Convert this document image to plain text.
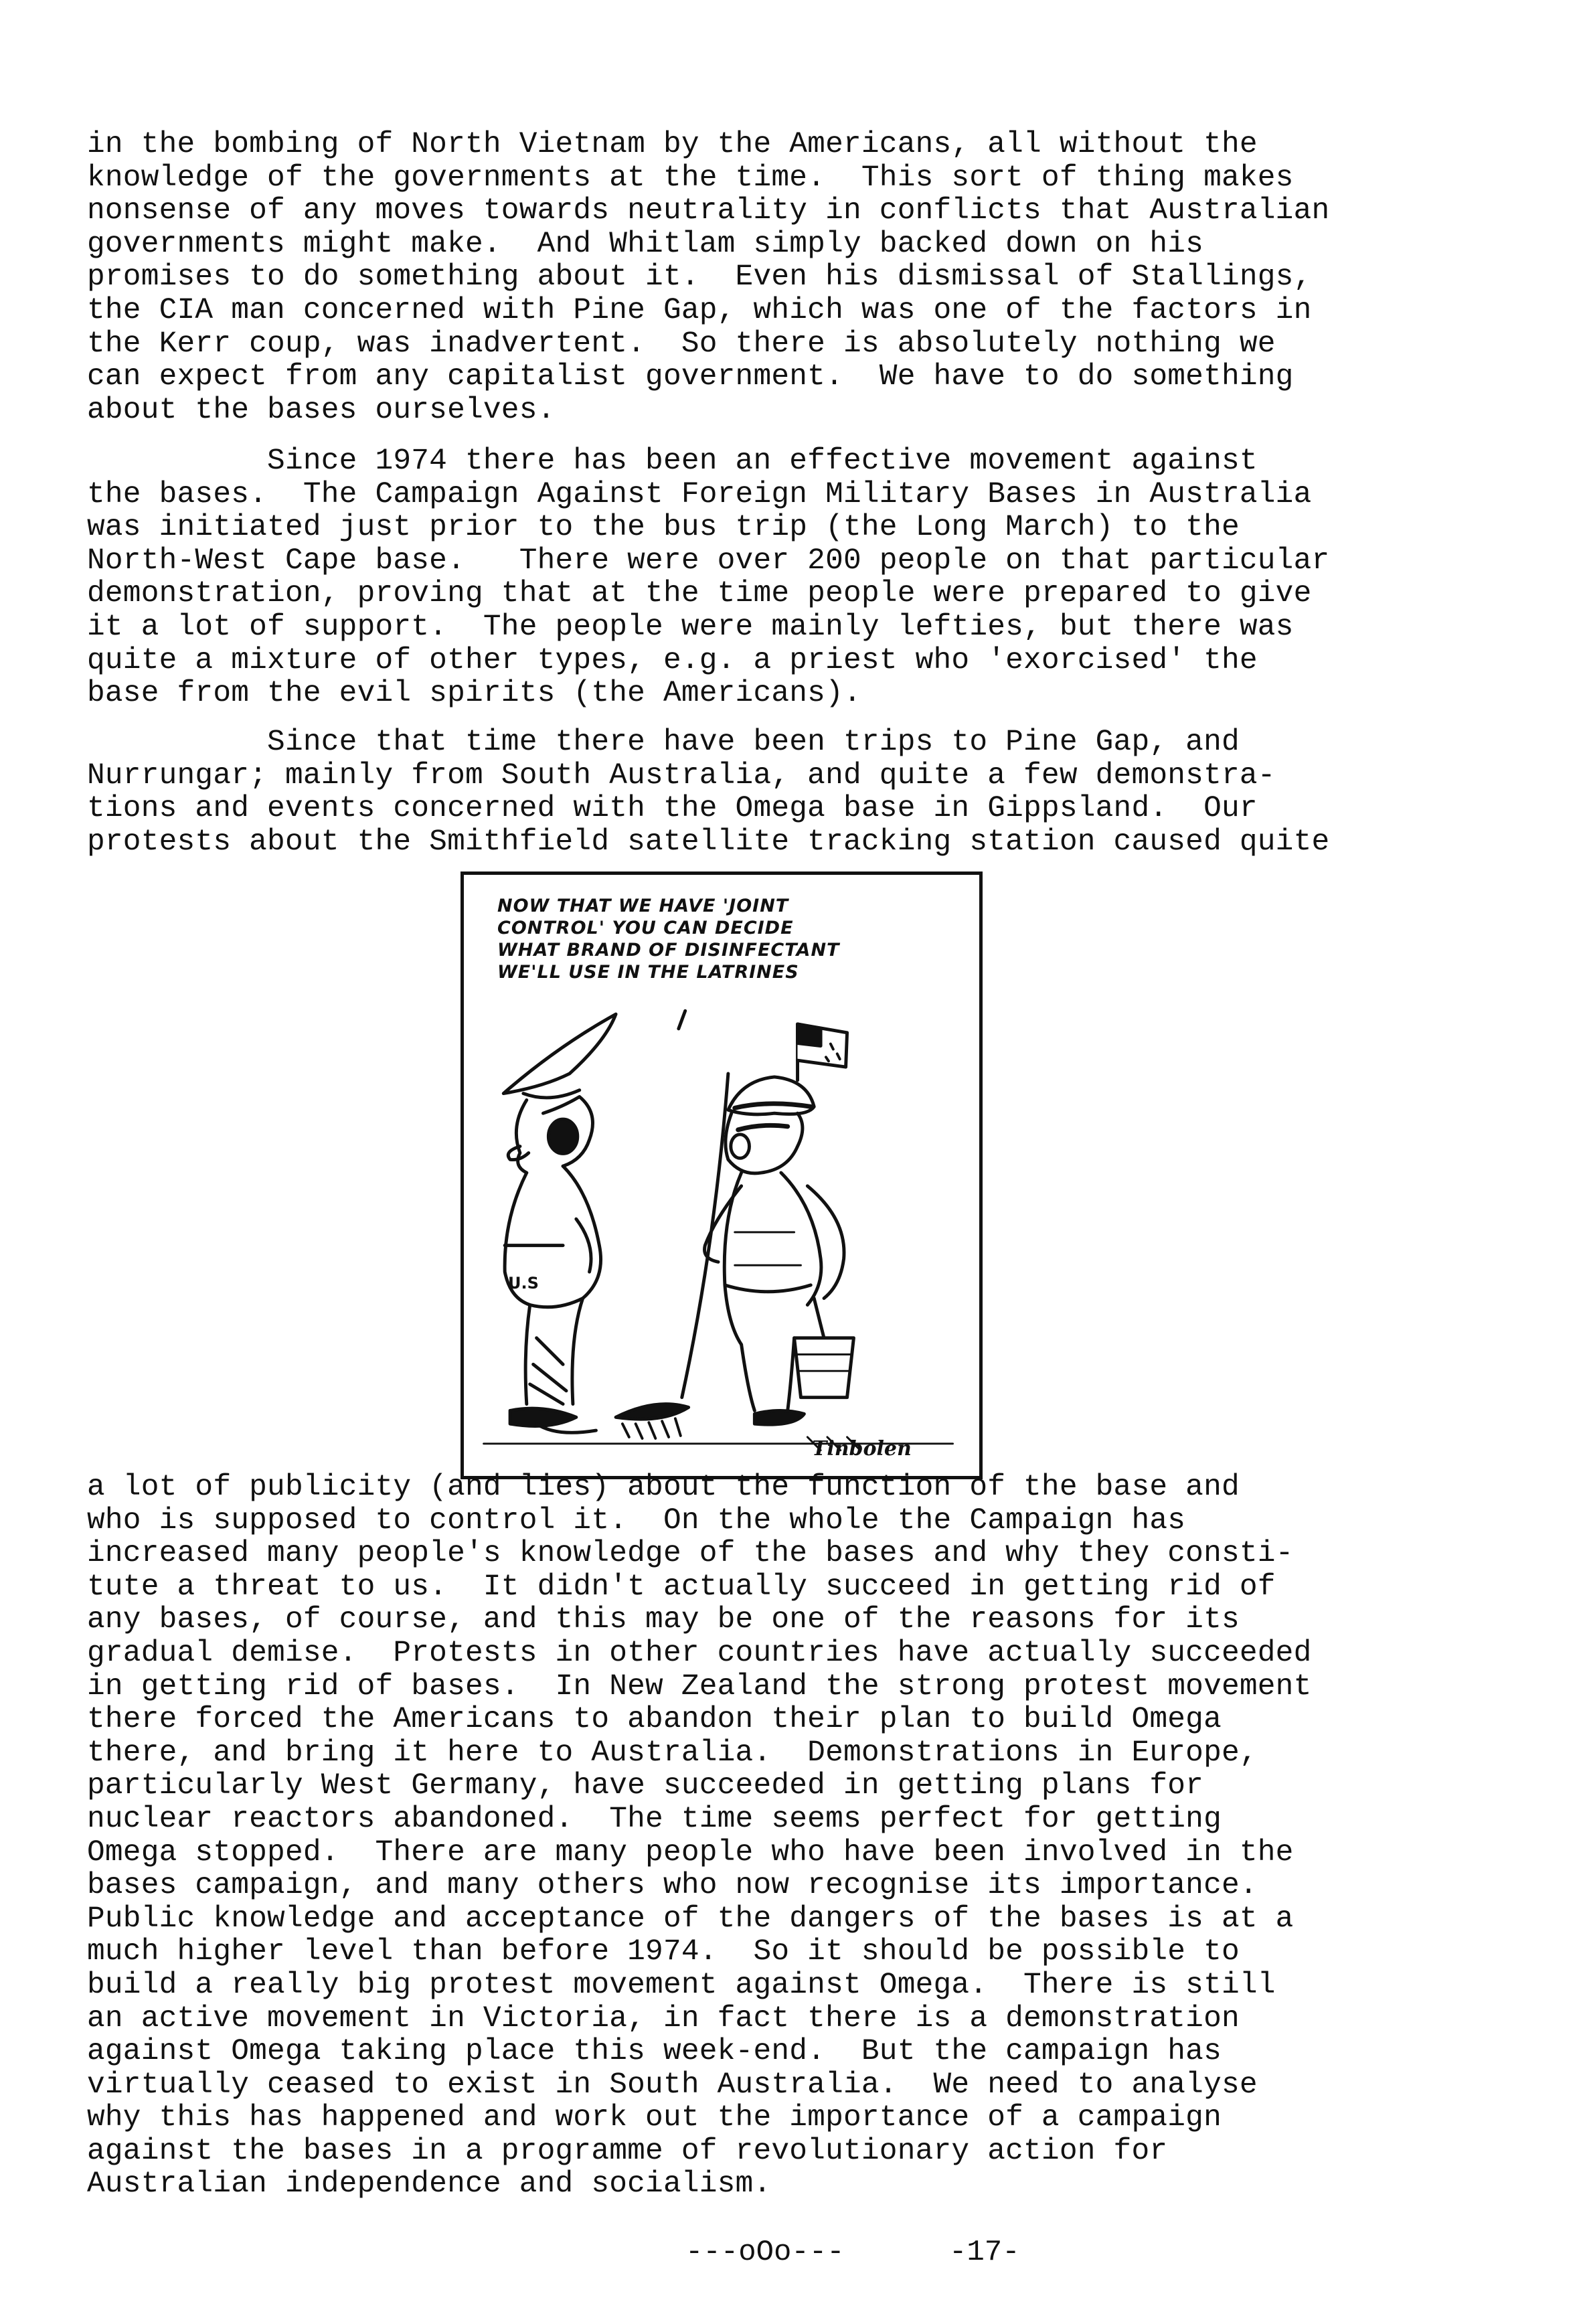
in the bombing of North Vietnam by the Americans, all without the
knowledge of the governments at the time.  This sort of thing makes
nonsense of any moves towards neutrality in conflicts that Australian
governments might make.  And Whitlam simply backed down on his
promises to do something about it.  Even his dismissal of Stallings,
the CIA man concerned with Pine Gap, which was one of the factors in
the Kerr coup, was inadvertent.  So there is absolutely nothing we
can expect from any capitalist government.  We have to do something
about the bases ourselves.
Since 1974 there has been an effective movement against
the bases.  The Campaign Against Foreign Military Bases in Australia
was initiated just prior to the bus trip (the Long March) to the
North-West Cape base.   There were over 200 people on that particular
demonstration, proving that at the time people were prepared to give
it a lot of support.  The people were mainly lefties, but there was
quite a mixture of other types, e.g. a priest who 'exorcised' the
base from the evil spirits (the Americans).
Since that time there have been trips to Pine Gap, and
Nurrungar; mainly from South Australia, and quite a few demonstra-
tions and events concerned with the Omega base in Gippsland.  Our
protests about the Smithfield satellite tracking station caused quite
NOW THAT WE HAVE 'JOINT
CONTROL' YOU CAN DECIDE
WHAT BRAND OF DISINFECTANT
WE'LL USE IN THE LATRINES
U.S
Tinbolen
a lot of publicity (and lies) about the function of the base and
who is supposed to control it.  On the whole the Campaign has
increased many people's knowledge of the bases and why they consti-
tute a threat to us.  It didn't actually succeed in getting rid of
any bases, of course, and this may be one of the reasons for its
gradual demise.  Protests in other countries have actually succeeded
in getting rid of bases.  In New Zealand the strong protest movement
there forced the Americans to abandon their plan to build Omega
there, and bring it here to Australia.  Demonstrations in Europe,
particularly West Germany, have succeeded in getting plans for
nuclear reactors abandoned.  The time seems perfect for getting
Omega stopped.  There are many people who have been involved in the
bases campaign, and many others who now recognise its importance.
Public knowledge and acceptance of the dangers of the bases is at a
much higher level than before 1974.  So it should be possible to
build a really big protest movement against Omega.  There is still
an active movement in Victoria, in fact there is a demonstration
against Omega taking place this week-end.  But the campaign has
virtually ceased to exist in South Australia.  We need to analyse
why this has happened and work out the importance of a campaign
against the bases in a programme of revolutionary action for
Australian independence and socialism.
---oOo---	-17-
